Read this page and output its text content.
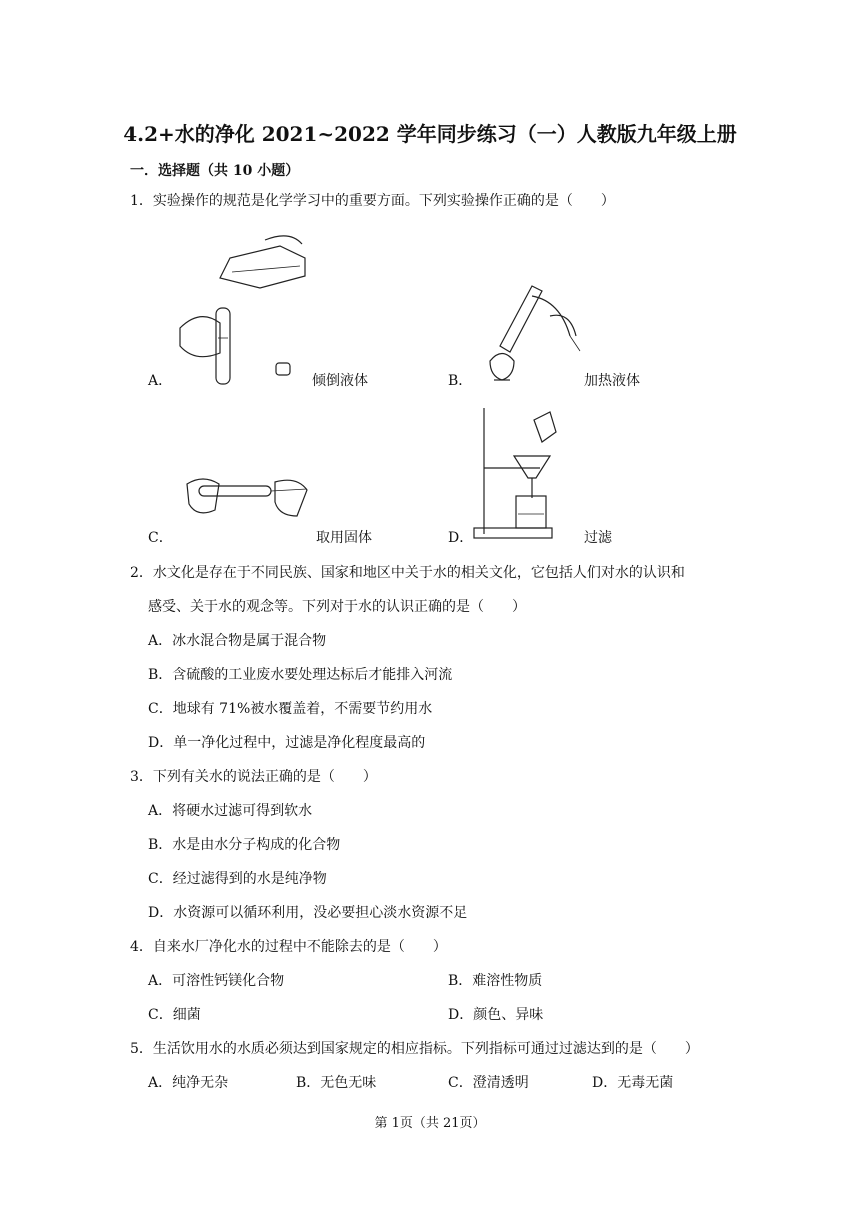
4.2+水的净化 2021~2022 学年同步练习（一）人教版九年级上册
一．选择题（共 10 小题）
1．实验操作的规范是化学学习中的重要方面。下列实验操作正确的是（　　）
A．	倾倒液体	B．	加热液体
C．	取用固体	D．	过滤
2．水文化是存在于不同民族、国家和地区中关于水的相关文化，它包括人们对水的认识和
感受、关于水的观念等。下列对于水的认识正确的是（　　）
A．冰水混合物是属于混合物
B．含硫酸的工业废水要处理达标后才能排入河流
C．地球有 71%被水覆盖着，不需要节约用水
D．单一净化过程中，过滤是净化程度最高的
3．下列有关水的说法正确的是（　　）
A．将硬水过滤可得到软水
B．水是由水分子构成的化合物
C．经过滤得到的水是纯净物
D．水资源可以循环利用，没必要担心淡水资源不足
4．自来水厂净化水的过程中不能除去的是（　　）
A．可溶性钙镁化合物	B．难溶性物质
C．细菌	D．颜色、异味
5．生活饮用水的水质必须达到国家规定的相应指标。下列指标可通过过滤达到的是（　　）
A．纯净无杂	B．无色无味	C．澄清透明	D．无毒无菌
第 1页（共 21页）
